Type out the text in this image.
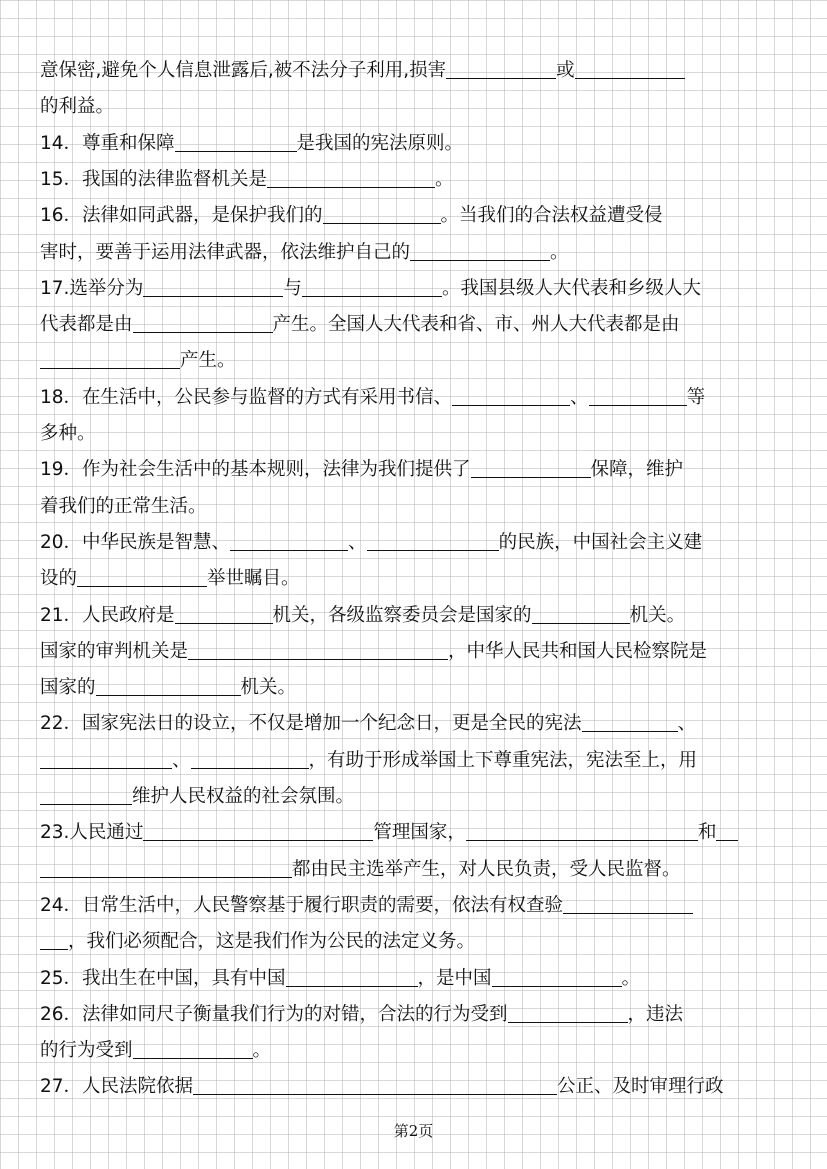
意保密,避免个人信息泄露后,被不法分子利用,损害	或
的利益。
14．尊重和保障	是我国的宪法原则。
15．我国的法律监督机关是	。
16．法律如同武器，是保护我们的	。当我们的合法权益遭受侵
害时，要善于运用法律武器，依法维护自己的	。
17.选举分为	与	。我国县级人大代表和乡级人大
代表都是由	产生。全国人大代表和省、市、州人大代表都是由
产生。
18．在生活中，公民参与监督的方式有采用书信、	、	等
多种。
19．作为社会生活中的基本规则，法律为我们提供了	保障，维护
着我们的正常生活。
20．中华民族是智慧、	、	的民族，中国社会主义建
设的	举世瞩目。
21．人民政府是	机关，各级监察委员会是国家的	机关。
国家的审判机关是	，中华人民共和国人民检察院是
国家的	机关。
22．国家宪法日的设立，不仅是增加一个纪念日，更是全民的宪法	、
、	，有助于形成举国上下尊重宪法，宪法至上，用
维护人民权益的社会氛围。
23.人民通过	管理国家，	和
都由民主选举产生，对人民负责，受人民监督。
24．日常生活中，人民警察基于履行职责的需要，依法有权查验
，我们必须配合，这是我们作为公民的法定义务。
25．我出生在中国，具有中国	，是中国	。
26．法律如同尺子衡量我们行为的对错，合法的行为受到	，违法
的行为受到	。
27．人民法院依据	公正、及时审理行政
第2页
